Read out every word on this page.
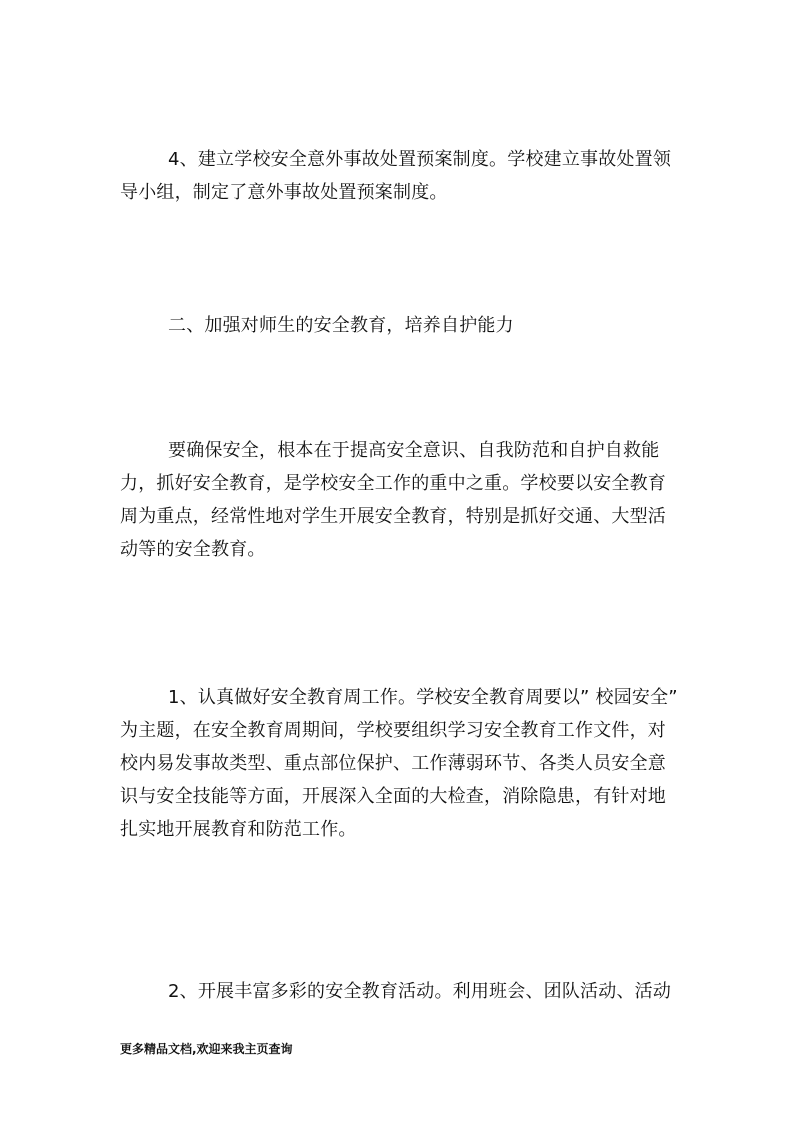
4、建立学校安全意外事故处置预案制度。学校建立事故处置领
导小组，制定了意外事故处置预案制度。
二、加强对师生的安全教育，培养自护能力
要确保安全，根本在于提高安全意识、自我防范和自护自救能
力，抓好安全教育，是学校安全工作的重中之重。学校要以安全教育
周为重点，经常性地对学生开展安全教育，特别是抓好交通、大型活
动等的安全教育。
1、认真做好安全教育周工作。学校安全教育周要以” 校园安全”
为主题，在安全教育周期间，学校要组织学习安全教育工作文件，对
校内易发事故类型、重点部位保护、工作薄弱环节、各类人员安全意
识与安全技能等方面，开展深入全面的大检查，消除隐患，有针对地
扎实地开展教育和防范工作。
2、开展丰富多彩的安全教育活动。利用班会、团队活动、活动

更多精品文档,欢迎来我主页查询
